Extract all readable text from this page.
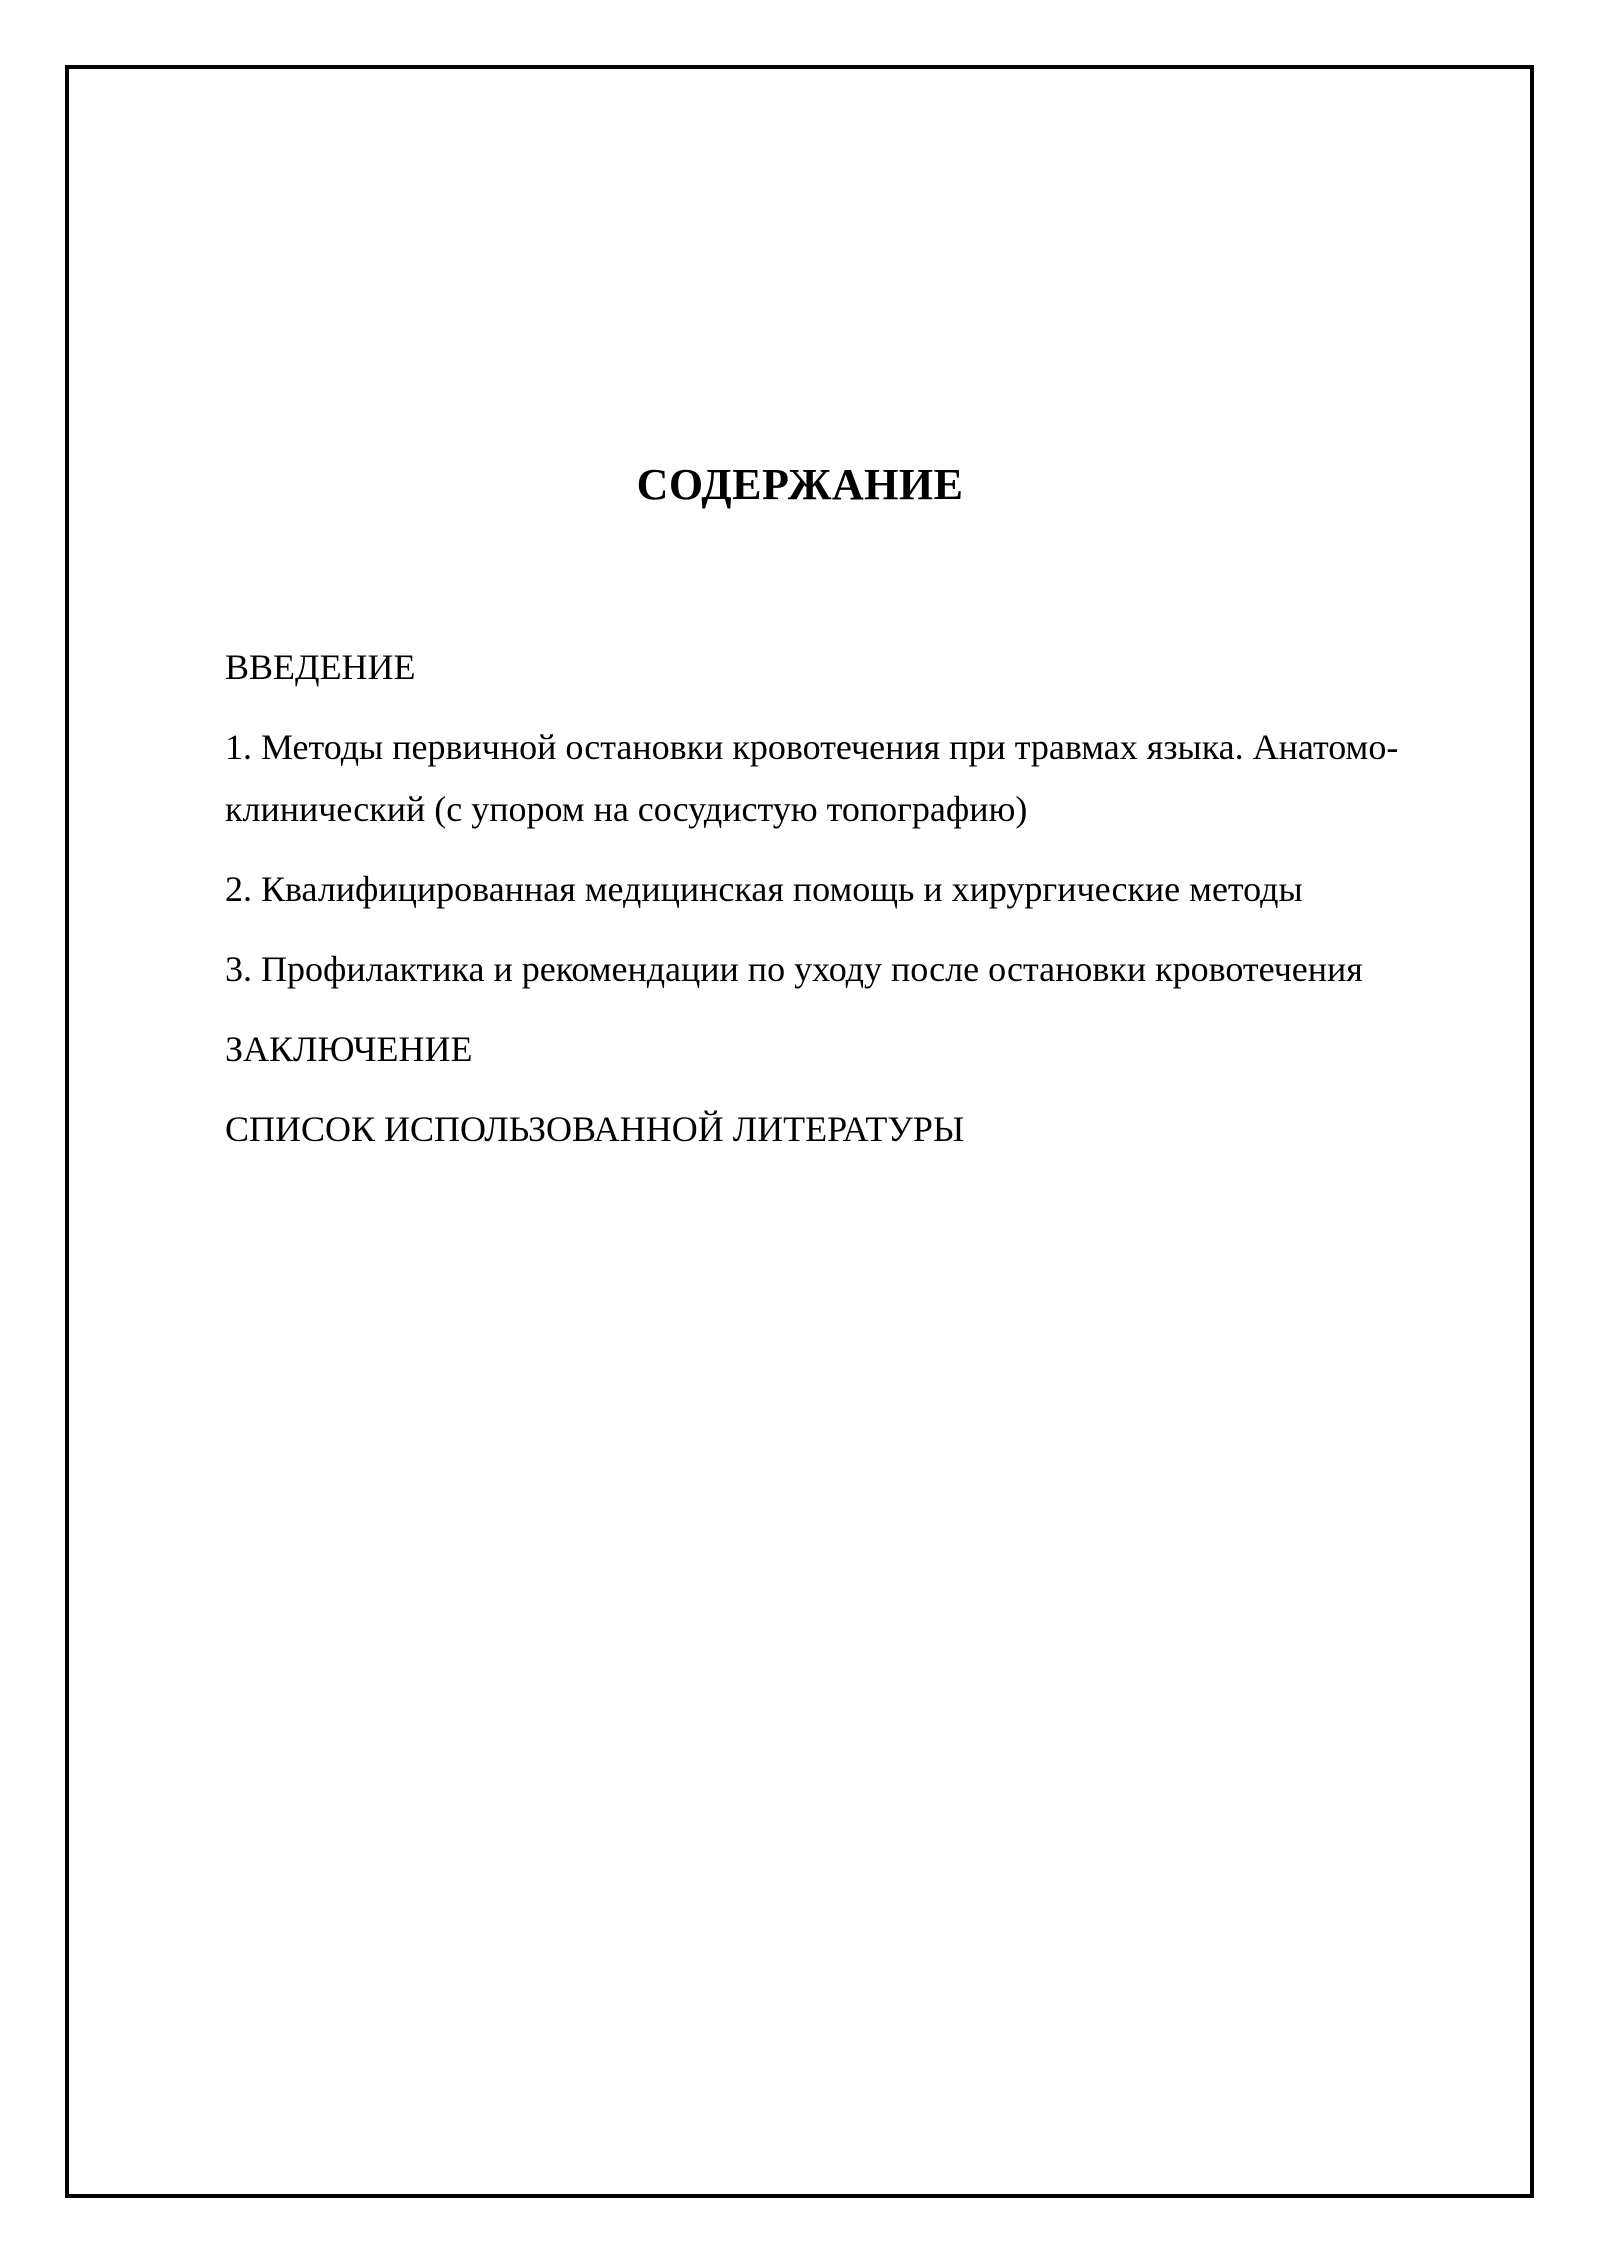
СОДЕРЖАНИЕ
ВВЕДЕНИЕ
1. Методы первичной остановки кровотечения при травмах языка. Анатомо-клинический (с упором на сосудистую топографию)
2. Квалифицированная медицинская помощь и хирургические методы
3. Профилактика и рекомендации по уходу после остановки кровотечения
ЗАКЛЮЧЕНИЕ
СПИСОК ИСПОЛЬЗОВАННОЙ ЛИТЕРАТУРЫ
